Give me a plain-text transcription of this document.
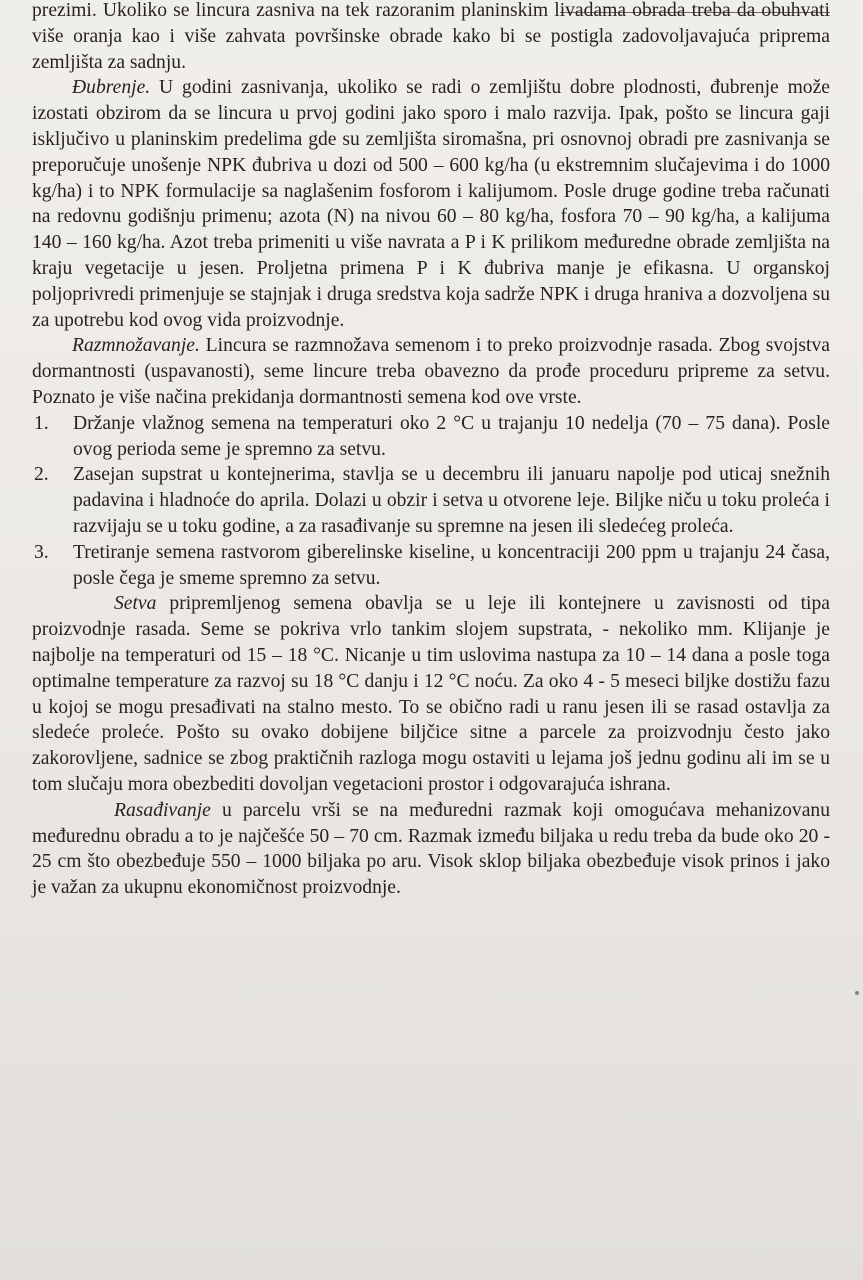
prezimi. Ukoliko se lincura zasniva na tek razoranim planinskim livadama obrada treba da obuhvati više oranja kao i više zahvata površinske obrade kako bi se postigla zadovoljavajuća priprema zemljišta za sadnju.

Đubrenje. U godini zasnivanja, ukoliko se radi o zemljištu dobre plodnosti, đubrenje može izostati obzirom da se lincura u prvoj godini jako sporo i malo razvija. Ipak, pošto se lincura gaji isključivo u planinskim predelima gde su zemljišta siromašna, pri osnovnoj obradi pre zasnivanja se preporučuje unošenje NPK đubriva u dozi od 500 – 600 kg/ha (u ekstremnim slučajevima i do 1000 kg/ha) i to NPK formulacije sa naglašenim fosforom i kalijumom. Posle druge godine treba računati na redovnu godišnju primenu; azota (N) na nivou 60 – 80 kg/ha, fosfora 70 – 90 kg/ha, a kalijuma 140 – 160 kg/ha. Azot treba primeniti u više navrata a P i K prilikom međuredne obrade zemljišta na kraju vegetacije u jesen. Proljetna primena P i K đubriva manje je efikasna. U organskoj poljoprivredi primenjuje se stajnjak i druga sredstva koja sadrže NPK i druga hraniva a dozvoljena su za upotrebu kod ovog vida proizvodnje.

Razmnožavanje. Lincura se razmnožava semenom i to preko proizvodnje rasada. Zbog svojstva dormantnosti (uspavanosti), seme lincure treba obavezno da prođe proceduru pripreme za setvu. Poznato je više načina prekidanja dormantnosti semena kod ove vrste.

1. Držanje vlažnog semena na temperaturi oko 2 °C u trajanju 10 nedelja (70 – 75 dana). Posle ovog perioda seme je spremno za setvu.
2. Zasejan supstrat u kontejnerima, stavlja se u decembru ili januaru napolje pod uticaj snežnih padavina i hladnoće do aprila. Dolazi u obzir i setva u otvorene leje. Biljke niču u toku proleća i razvijaju se u toku godine, a za rasađivanje su spremne na jesen ili sledećeg proleća.
3. Tretiranje semena rastvorom giberelinske kiseline, u koncentraciji 200 ppm u trajanju 24 časa, posle čega je smeme spremno za setvu.

Setva pripremljenog semena obavlja se u leje ili kontejnere u zavisnosti od tipa proizvodnje rasada. Seme se pokriva vrlo tankim slojem supstrata, - nekoliko mm. Klijanje je najbolje na temperaturi od 15 – 18 °C. Nicanje u tim uslovima nastupa za 10 – 14 dana a posle toga optimalne temperature za razvoj su 18 °C danju i 12 °C noću. Za oko 4 - 5 meseci biljke dostižu fazu u kojoj se mogu presađivati na stalno mesto. To se obično radi u ranu jesen ili se rasad ostavlja za sledeće proleće. Pošto su ovako dobijene biljčice sitne a parcele za proizvodnju često jako zakorovljene, sadnice se zbog praktičnih razloga mogu ostaviti u lejama još jednu godinu ali im se u tom slučaju mora obezbediti dovoljan vegetacioni prostor i odgovarajuća ishrana.

Rasađivanje u parcelu vrši se na međuredni razmak koji omogućava mehanizovanu međurednu obradu a to je najčešće 50 – 70 cm. Razmak između biljaka u redu treba da bude oko 20 - 25 cm što obezbeđuje 550 – 1000 biljaka po aru. Visok sklop biljaka obezbeđuje visok prinos i jako je važan za ukupnu ekonomičnost proizvodnje.
